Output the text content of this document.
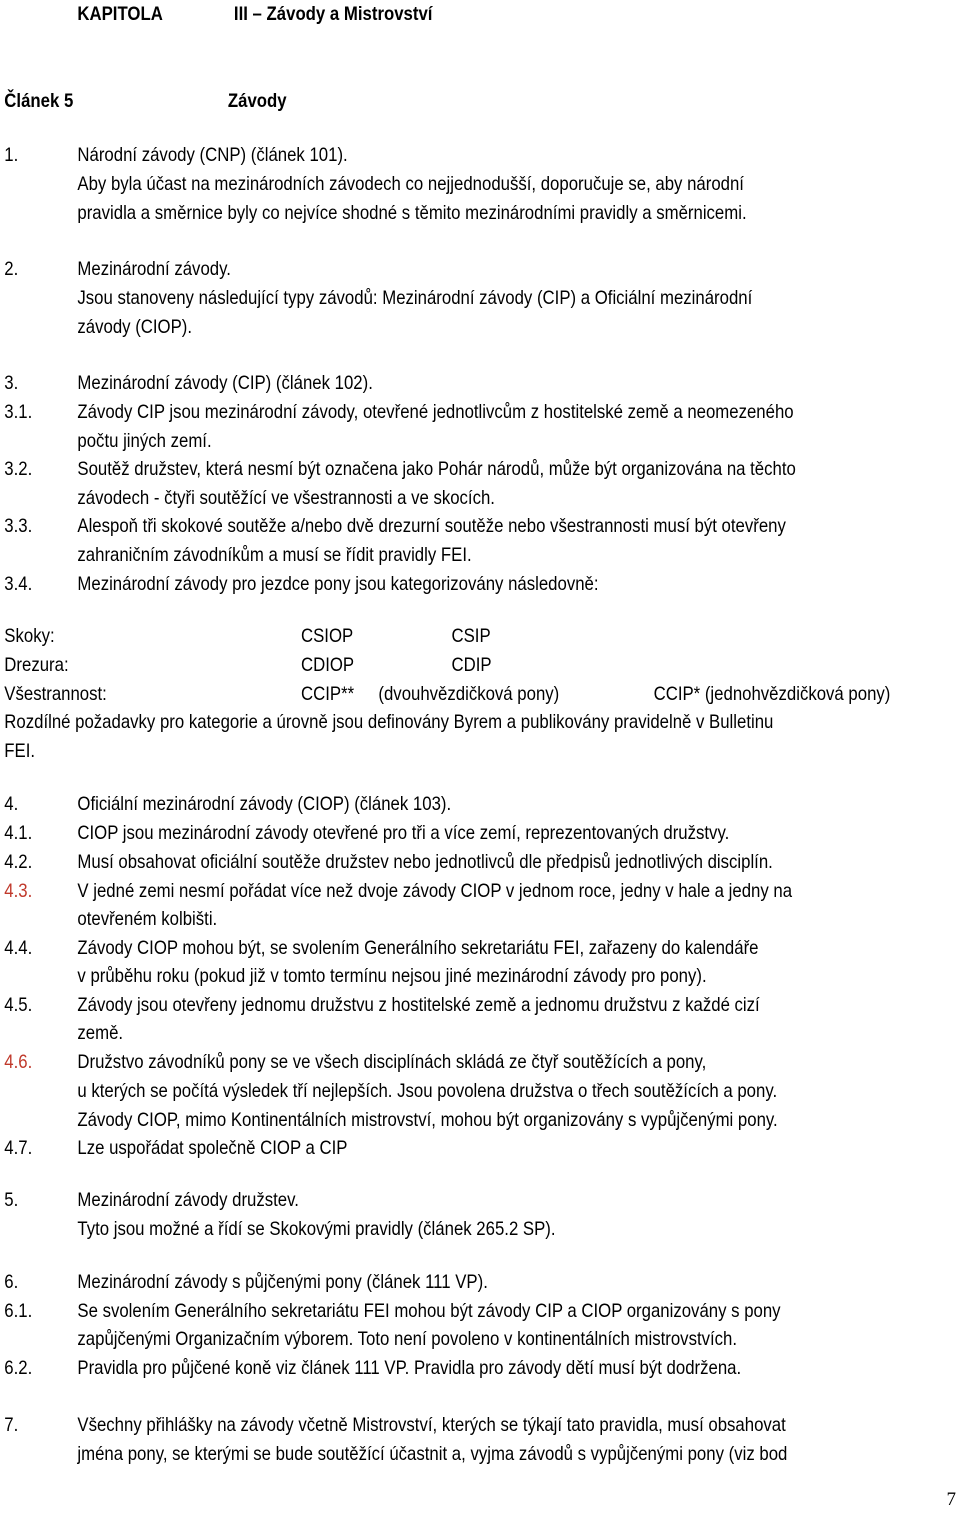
KAPITOLA	III – Závody a Mistrovství
Článek 5	Závody
1.	Národní závody (CNP) (článek 101).
Aby byla účast na mezinárodních závodech co nejjednodušší, doporučuje se, aby národní
pravidla a směrnice byly co nejvíce shodné s těmito mezinárodními pravidly a směrnicemi.
2.	Mezinárodní závody.
Jsou stanoveny následující typy závodů: Mezinárodní závody (CIP) a Oficiální mezinárodní
závody (CIOP).
3.	Mezinárodní závody (CIP) (článek 102).
3.1. Závody CIP jsou mezinárodní závody, otevřené jednotlivcům z hostitelské země a neomezeného
počtu jiných zemí.
3.2. Soutěž družstev, která nesmí být označena jako Pohár národů, může být organizována na těchto
závodech - čtyři soutěžící ve všestrannosti a ve skocích.
3.3. Alespoň tři skokové soutěže a/nebo dvě drezurní soutěže nebo všestrannosti musí být otevřeny
zahraničním závodníkům a musí se řídit pravidly FEI.
3.4. Mezinárodní závody pro jezdce pony jsou kategorizovány následovně:
Skoky:	CSIOP	CSIP
Drezura:	CDIOP	CDIP
Všestrannost:	CCIP** (dvouhvězdičková pony)	CCIP* (jednohvězdičková pony)
Rozdílné požadavky pro kategorie a úrovně jsou definovány Byrem a publikovány pravidelně v Bulletinu
FEI.
4.	Oficiální mezinárodní závody (CIOP) (článek 103).
4.1. CIOP jsou mezinárodní závody otevřené pro tři a více zemí, reprezentovaných družstvy.
4.2. Musí obsahovat oficiální soutěže družstev nebo jednotlivců dle předpisů jednotlivých disciplín.
4.3. V jedné zemi nesmí pořádat více než dvoje závody CIOP v jednom roce, jedny v hale a jedny na
otevřeném kolbišti.
4.4. Závody CIOP mohou být, se svolením Generálního sekretariátu FEI, zařazeny do kalendáře
v průběhu roku (pokud již v tomto termínu nejsou jiné mezinárodní závody pro pony).
4.5. Závody jsou otevřeny jednomu družstvu z hostitelské země a jednomu družstvu z každé cizí
země.
4.6. Družstvo závodníků pony se ve všech disciplínách skládá ze čtyř soutěžících a pony,
u kterých se počítá výsledek tří nejlepších. Jsou povolena družstva o třech soutěžících a pony.
Závody CIOP, mimo Kontinentálních mistrovství, mohou být organizovány s vypůjčenými pony.
4.7. Lze uspořádat společně CIOP a CIP
5.	Mezinárodní závody družstev.
Tyto jsou možné a řídí se Skokovými pravidly (článek 265.2 SP).
6.	Mezinárodní závody s půjčenými pony (článek 111 VP).
6.1. Se svolením Generálního sekretariátu FEI mohou být závody CIP a CIOP organizovány s pony
zapůjčenými Organizačním výborem. Toto není povoleno v kontinentálních mistrovstvích.
6.2. Pravidla pro půjčené koně viz článek 111 VP. Pravidla pro závody dětí musí být dodržena.
7.	Všechny přihlášky na závody včetně Mistrovství, kterých se týkají tato pravidla, musí obsahovat
jména pony, se kterými se bude soutěžící účastnit a, vyjma závodů s vypůjčenými pony (viz bod
7
